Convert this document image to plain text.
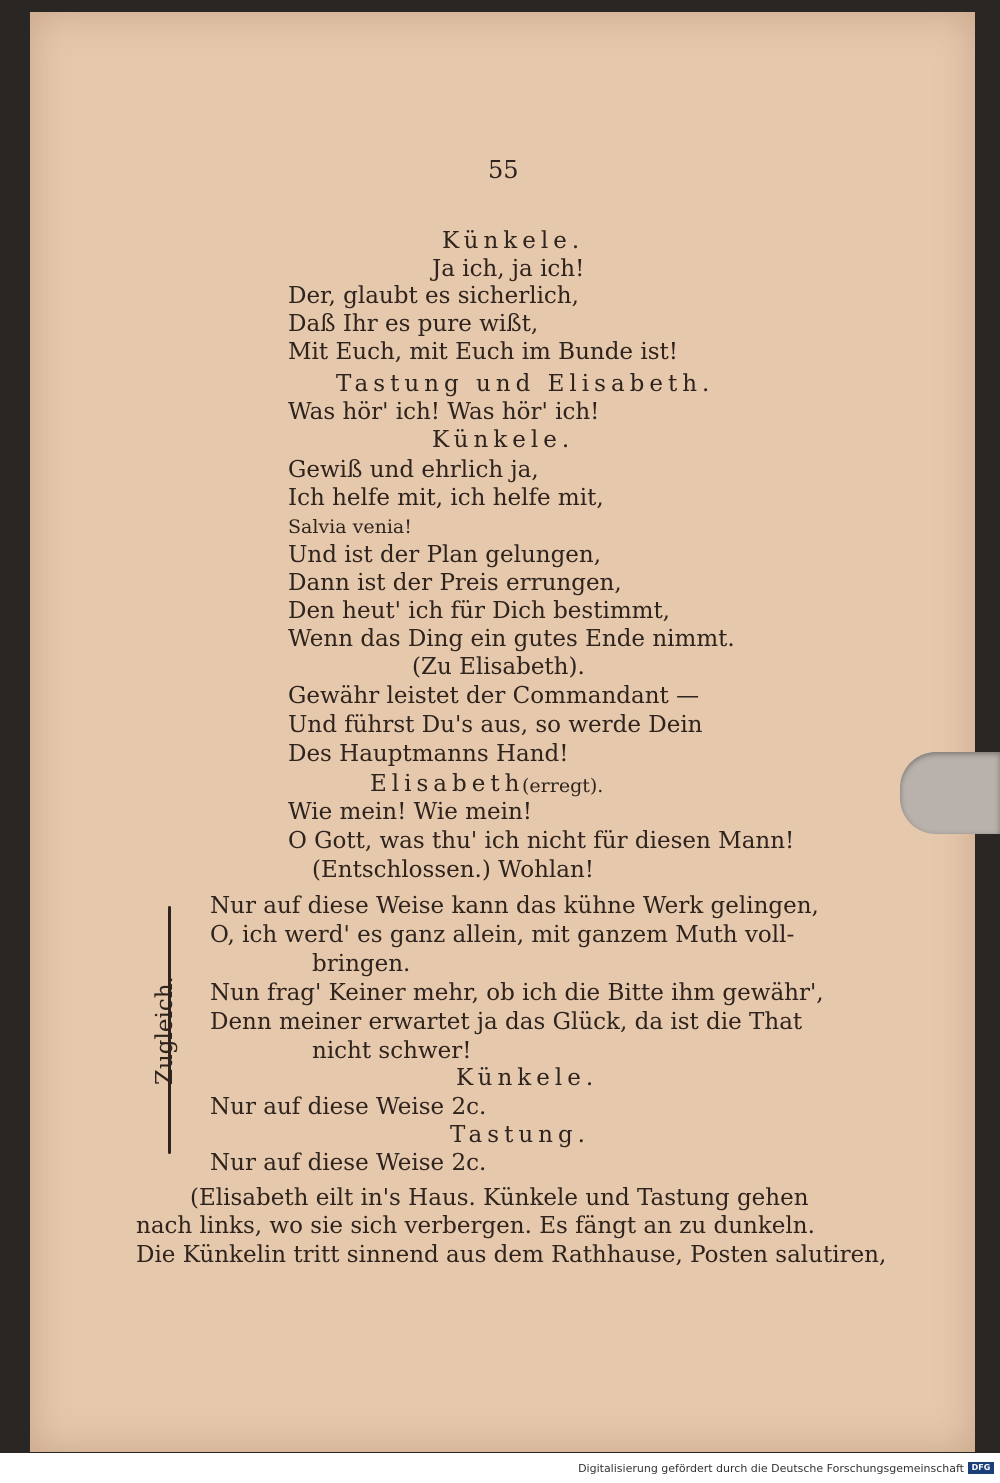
55
Künkele.
Ja ich, ja ich!
Der, glaubt es sicherlich,
Daß Ihr es pure wißt,
Mit Euch, mit Euch im Bunde ist!
Tastung und Elisabeth.
Was hör' ich! Was hör' ich!
Künkele.
Gewiß und ehrlich ja,
Ich helfe mit, ich helfe mit,
Salvia venia!
Und ist der Plan gelungen,
Dann ist der Preis errungen,
Den heut' ich für Dich bestimmt,
Wenn das Ding ein gutes Ende nimmt.
(Zu Elisabeth).
Gewähr leistet der Commandant —
Und führst Du's aus, so werde Dein
Des Hauptmanns Hand!
Elisabeth
(erregt).
Wie mein! Wie mein!
O Gott, was thu' ich nicht für diesen Mann!
(Entschlossen.) Wohlan!
Nur auf diese Weise kann das kühne Werk gelingen,
O, ich werd' es ganz allein, mit ganzem Muth voll-
bringen.
Nun frag' Keiner mehr, ob ich die Bitte ihm gewähr',
Denn meiner erwartet ja das Glück, da ist die That
nicht schwer!
Künkele.
Nur auf diese Weise 2c.
Tastung.
Nur auf diese Weise 2c.
(Elisabeth eilt in's Haus. Künkele und Tastung gehen
nach links, wo sie sich verbergen. Es fängt an zu dunkeln.
Die Künkelin tritt sinnend aus dem Rathhause, Posten salutiren,
Zugleich.
Digitalisierung gefördert durch die Deutsche Forschungsgemeinschaft DFG
